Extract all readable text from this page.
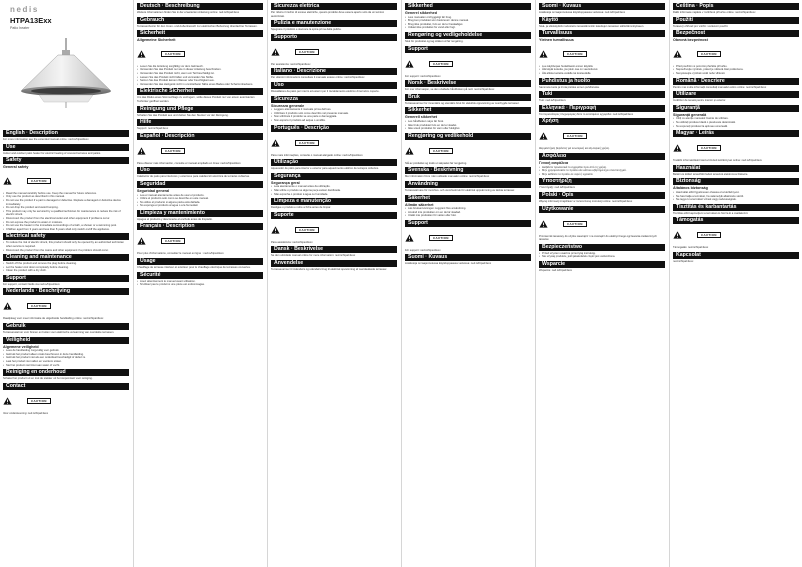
nedis
HTPA13Exx
Patio heater
English · Description
For more information see the extended manual online: ned.is/htpa13exx
Use
Indoor and outdoor patio heater for electric heating of covered terraces and patios.
Safety
General safety
CAUTION
• Read the manual carefully before use. Keep the manual for future reference.
• Only use the product as described in this manual.
• Do not use the product if a part is damaged or defective. Replace a damaged or defective device immediately.
• Do not drop the product and avoid bumping.
• This product may only be serviced by a qualified technician for maintenance to reduce the risk of electric shock.
• Disconnect the product from the electrical outlet and other equipment if problems occur.
• Do not expose the product to water or moisture.
• Do not use the heater in the immediate surroundings of a bath, a shower or a swimming pool.
• Children aged from 3 years and less than 8 years shall only switch on/off the appliance.
Electrical safety
• To reduce the risk of electric shock, this product should only be opened by an authorized technician when service is required.
• Disconnect the product from the mains and other equipment if a problem should occur.
Cleaning and maintenance
• Switch off the product and remove the plug before cleaning.
• Let the heater cool down completely before cleaning.
• Clean the product with a dry cloth.
Support
For support, contact Nedis via ned.is/htpa13exx
Nederlands · Beschrijving
CAUTION
Raadpleeg voor meer informatie de uitgebreide handleiding online: ned.is/htpa13exx
Gebruik
Terrasverwarmer voor binnen en buiten voor elektrische verwarming van overdekte terrassen.
Veiligheid
Algemene veiligheid
• Lees de handleiding zorgvuldig voor gebruik.
• Gebruik het product alleen zoals beschreven in deze handleiding.
• Gebruik het product niet als een onderdeel beschadigd of defect is.
• Laat het product niet vallen en voorkom stoten.
• Stel het product niet bloot aan water of vocht.
Reiniging en onderhoud
Schakel het product uit en trek de stekker uit het stopcontact voor reiniging.
Contact
CAUTION
Voor ondersteuning: ned.is/htpa13exx
Deutsch · Beschreibung
Weitere Informationen finden Sie in der erweiterten Anleitung online: ned.is/htpa13exx
Gebrauch
Terrassenheizer für den Innen- und Außenbereich zur elektrischen Beheizung überdachter Terrassen.
Sicherheit
Allgemeine Sicherheit
CAUTION
• Lesen Sie die Anleitung sorgfältig vor dem Gebrauch.
• Verwenden Sie das Produkt nur wie in dieser Anleitung beschrieben.
• Verwenden Sie das Produkt nicht, wenn ein Teil beschädigt ist.
• Lassen Sie das Produkt nicht fallen und vermeiden Sie Stöße.
• Setzen Sie das Produkt keinem Wasser oder Feuchtigkeit aus.
• Verwenden Sie das Heizgerät nicht in unmittelbarer Nähe eines Bades oder Schwimmbeckens.
Elektrische Sicherheit
Um das Risiko eines Stromschlags zu verringern, sollte dieses Produkt nur von einem autorisierten Techniker geöffnet werden.
Reinigung und Pflege
Schalten Sie das Produkt aus und ziehen Sie den Stecker vor der Reinigung.
Hilfe
Support: ned.is/htpa13exx
Español · Descripción
CAUTION
Para obtener más información, consulte el manual ampliado en línea: ned.is/htpa13exx
Uso
Calefactor de patio para interiores y exteriores para calefacción eléctrica de terrazas cubiertas.
Seguridad
Seguridad general
• Lea el manual atentamente antes de usar el producto.
• Utilice el producto solo como se describe en este manual.
• No utilice el producto si alguna pieza está dañada.
• No exponga el producto al agua o a la humedad.
Limpieza y mantenimiento
Apague el producto y desconecte el enchufe antes de limpiarlo.
Français · Description
CAUTION
Pour plus d'informations, consultez le manuel en ligne : ned.is/htpa13exx
Usage
Chauffage de terrasse intérieur et extérieur pour le chauffage électrique de terrasses couvertes.
Sécurité
• Lisez attentivement le manuel avant utilisation.
• N'utilisez pas le produit si une pièce est endommagée.
Sicurezza elettrica
Per ridurre il rischio di scosse elettriche, questo prodotto deve essere aperto solo da un tecnico autorizzato.
Pulizia e manutenzione
Spegnere il prodotto e staccare la spina prima della pulizia.
Supporto
CAUTION
Per assistenza: ned.is/htpa13exx
Italiano · Descrizione
Per ulteriori informazioni consultare il manuale esteso online: ned.is/htpa13exx
Uso
Riscaldatore da patio per interni ed esterni per il riscaldamento elettrico di terrazze coperte.
Sicurezza
Sicurezza generale
• Leggere attentamente il manuale prima dell'uso.
• Utilizzare il prodotto solo come descritto nel presente manuale.
• Non utilizzare il prodotto se una parte è danneggiata.
• Non esporre il prodotto ad acqua o umidità.
Português · Descrição
CAUTION
Para mais informações, consulte o manual alargado online: ned.is/htpa13exx
Utilização
Aquecedor de pátio para interior e exterior para aquecimento elétrico de terraços cobertos.
Segurança
Segurança geral
• Leia atentamente o manual antes da utilização.
• Não utilize o produto se alguma peça estiver danificada.
• Não exponha o produto à água ou humidade.
Limpeza e manutenção
Desligue o produto e retire a ficha antes de limpar.
Suporte
CAUTION
Para assistência: ned.is/htpa13exx
Dansk · Beskrivelse
Se den udvidede manual online for mere information: ned.is/htpa13exx
Anvendelse
Terrassevarmer til indendørs og udendørs brug til elektrisk opvarmning af overdækkede terrasser.
Sikkerhed
Generel sikkerhed
• Læs manualen omhyggeligt før brug.
• Brug kun produktet som beskrevet i denne manual.
• Brug ikke produktet, hvis en del er beskadiget.
• Udsæt ikke produktet for vand eller fugt.
Rengøring og vedligeholdelse
Sluk for produktet og tag stikket ud før rengøring.
Support
CAUTION
For support: ned.is/htpa13exx
Norsk · Beskrivelse
For mer informasjon, se den utvidede håndboken på nett: ned.is/htpa13exx
Bruk
Terrassevarmer for innendørs og utendørs bruk for elektrisk oppvarming av overbygde terrasser.
Sikkerhet
Generell sikkerhet
• Les håndboken nøye før bruk.
• Ikke bruk produktet hvis en del er skadet.
• Ikke utsett produktet for vann eller fuktighet.
Rengjøring og vedlikehold
CAUTION
Slå av produktet og trekk ut støpselet før rengjøring.
Svenska · Beskrivning
Mer information finns i den utökade manualen online: ned.is/htpa13exx
Användning
Terrassvärmare för inomhus- och utomhusbruk för elektrisk uppvärmning av täckta terrasser.
Säkerhet
Allmän säkerhet
• Läs bruksanvisningen noggrant före användning.
• Använd inte produkten om en del är skadad.
• Utsätt inte produkten för vatten eller fukt.
Support
CAUTION
För support: ned.is/htpa13exx
Suomi · Kuvaus
Lisätietoja on laajennetussa käyttöoppaassa verkossa: ned.is/htpa13exx
Suomi · Kuvaus
Lisätietoja on laajennetussa käyttöoppaassa verkossa: ned.is/htpa13exx
Käyttö
Sisä- ja ulkokäyttöön tarkoitettu terassilämmitin katettujen terassien sähkölämmitykseen.
Turvallisuus
Yleinen turvallisuus
CAUTION
• Lue käyttöopas huolellisesti ennen käyttöä.
• Älä käytä tuotetta, jos jokin osa on vaurioitunut.
• Älä altista tuotetta vedelle tai kosteudelle.
Puhdistus ja huolto
Sammuta tuote ja irrota pistoke ennen puhdistusta.
Tuki
Tuki: ned.is/htpa13exx
Ελληνικά · Περιγραφή
Για περισσότερες πληροφορίες δείτε το εκτεταμένο εγχειρίδιο: ned.is/htpa13exx
Χρήση
CAUTION
Θερμαντήρας βεράντας για εσωτερική και εξωτερική χρήση.
Ασφάλεια
Γενική ασφάλεια
• Διαβάστε προσεκτικά το εγχειρίδιο πριν από τη χρήση.
• Μην χρησιμοποιείτε το προϊόν εάν κάποιο εξάρτημα έχει υποστεί ζημιά.
• Μην εκθέτετε το προϊόν σε νερό ή υγρασία.
Υποστήριξη
Υποστήριξη: ned.is/htpa13exx
Polski · Opis
Więcej informacji znajdziesz w rozszerzonej instrukcji online: ned.is/htpa13exx
Użytkowanie
CAUTION
Promiennik tarasowy do użytku wewnątrz i na zewnątrz do elektrycznego ogrzewania zadaszonych tarasów.
Bezpieczeństwo
• Przed użyciem uważnie przeczytaj instrukcję.
• Nie używaj produktu, jeśli jakakolwiek część jest uszkodzona.
Wsparcie
Wsparcie: ned.is/htpa13exx
Čeština · Popis
Další informace najdete v rozšířené příručce online: ned.is/htpa13exx
Použití
Terasový ohřívač pro vnitřní i venkovní použití.
Bezpečnost
Obecná bezpečnost
CAUTION
• Před použitím si pozorně přečtěte příručku.
• Nepoužívejte výrobek, pokud je některá část poškozena.
• Nevystavujte výrobek vodě nebo vlhkosti.
Română · Descriere
Pentru mai multe informații consultați manualul extins online: ned.is/htpa13exx
Utilizare
Încălzitor de terasă pentru interior și exterior.
Siguranță
Siguranță generală
• Citiți cu atenție manualul înainte de utilizare.
• Nu utilizați produsul dacă o piesă este deteriorată.
• Nu expuneți produsul la apă sau umezeală.
Magyar · Leírás
CAUTION
További információkért lásd a bővített kézikönyvet online: ned.is/htpa13exx
Használat
Beltéri és kültéri teraszfűtő fedett teraszok elektromos fűtésére.
Biztonság
Általános biztonság
• Használat előtt figyelmesen olvassa el a kézikönyvet.
• Ne használja a terméket, ha valamelyik alkatrésze sérült.
• Ne tegye ki a terméket víznek vagy nedvességnek.
Tisztítás és karbantartás
Tisztítás előtt kapcsolja ki a terméket és húzza ki a csatlakozót.
Támogatás
CAUTION
Támogatás: ned.is/htpa13exx
Kapcsolat
ned.is/htpa13exx
